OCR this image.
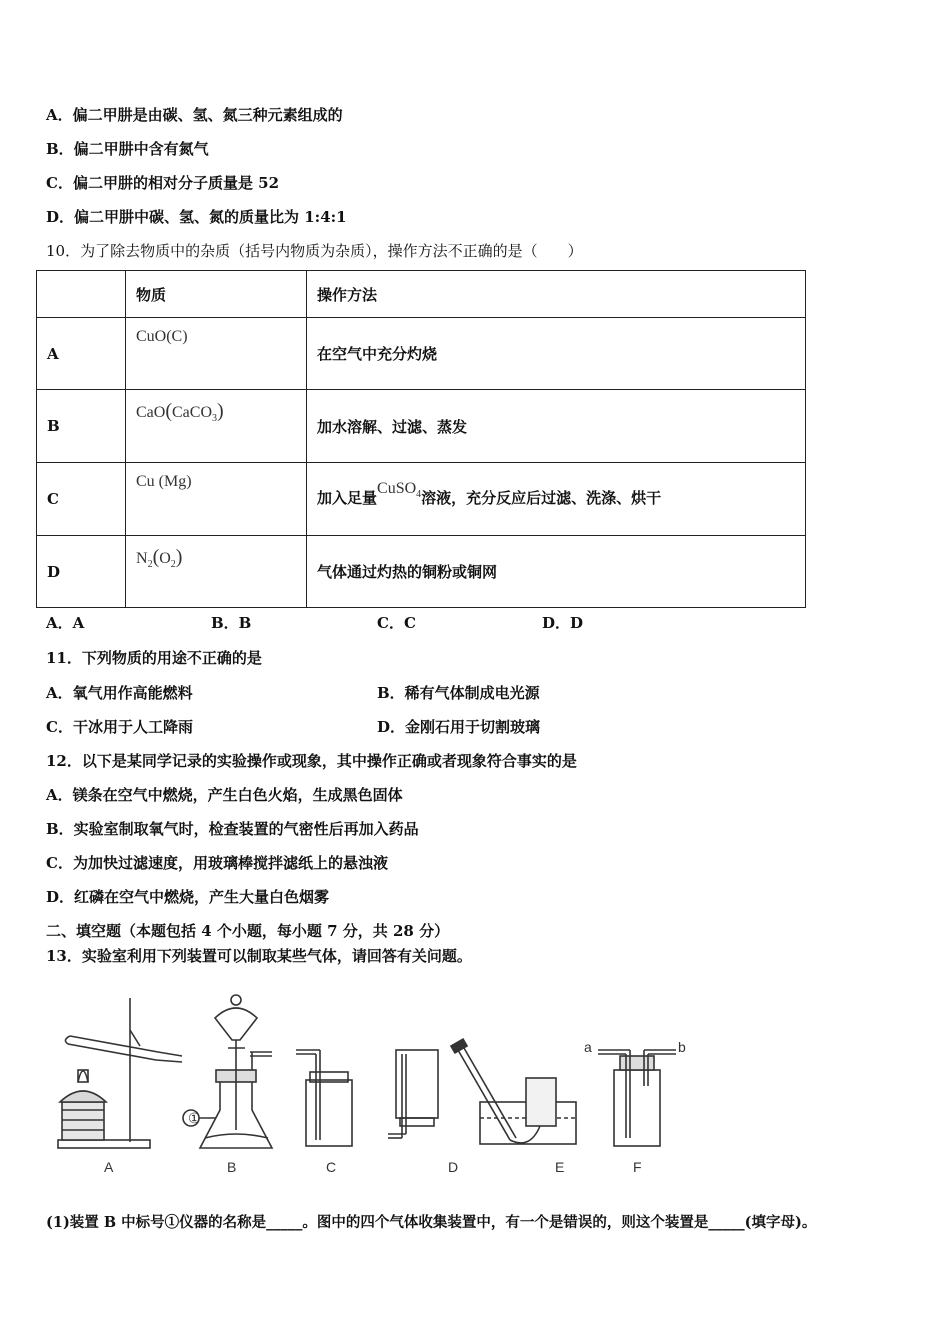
A．偏二甲肼是由碳、氢、氮三种元素组成的
B．偏二甲肼中含有氮气
C．偏二甲肼的相对分子质量是 52
D．偏二甲肼中碳、氢、氮的质量比为 1:4:1
10．为了除去物质中的杂质（括号内物质为杂质），操作方法不正确的是（　　）
	物质	操作方法
A	CuO(C)	在空气中充分灼烧
B	CaO(CaCO$_3$)	加水溶解、过滤、蒸发
C	Cu (Mg)	加入足量CuSO$_4$溶液，充分反应后过滤、洗涤、烘干
D	$N_2(O_2)$	气体通过灼热的铜粉或铜网
A．A	B．B	C．C	D．D
11．下列物质的用途不正确的是
A．氧气用作高能燃料	B．稀有气体制成电光源
C．干冰用于人工降雨	D．金刚石用于切割玻璃
12．以下是某同学记录的实验操作或现象，其中操作正确或者现象符合事实的是
A．镁条在空气中燃烧，产生白色火焰，生成黑色固体
B．实验室制取氧气时，检查装置的气密性后再加入药品
C．为加快过滤速度，用玻璃棒搅拌滤纸上的悬浊液
D．红磷在空气中燃烧，产生大量白色烟雾
二、填空题（本题包括 4 个小题，每小题 7 分，共 28 分）
13．实验室利用下列装置可以制取某些气体，请回答有关问题。
①
a	b
A	B	C	D	E	F
(1)装置 B 中标号①仪器的名称是_____。图中的四个气体收集装置中，有一个是错误的，则这个装置是_____(填字母)。
